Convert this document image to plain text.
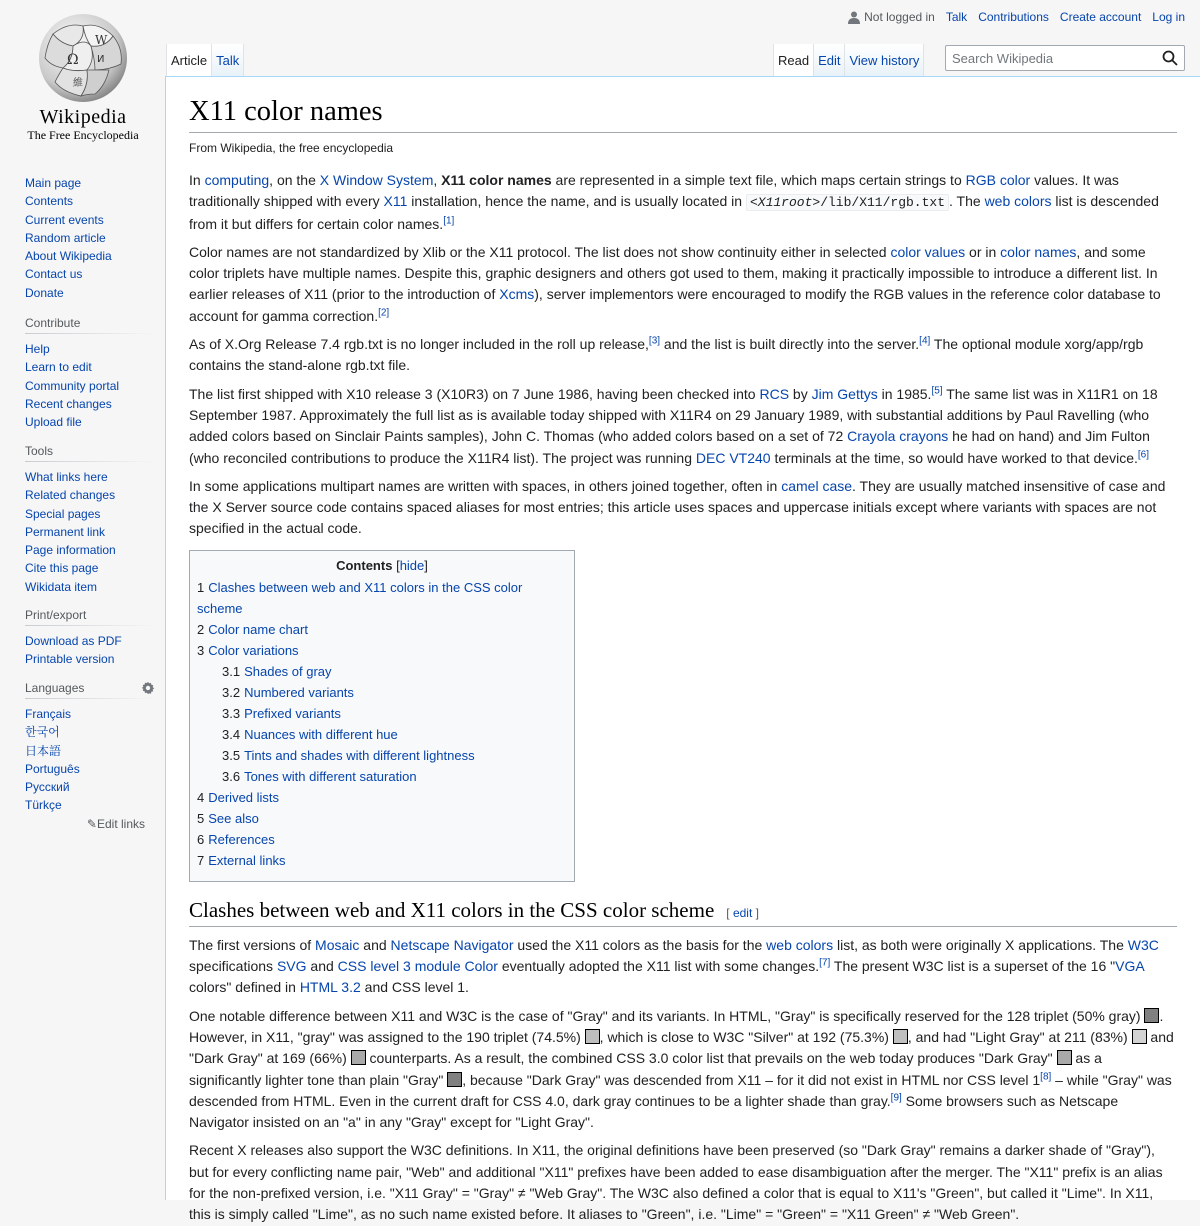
Ω
W
維
И
Wikipedia
The Free Encyclopedia
Main page
Contents
Current events
Random article
About Wikipedia
Contact us
Donate
Contribute
Help
Learn to edit
Community portal
Recent changes
Upload file
Tools
What links here
Related changes
Special pages
Permanent link
Page information
Cite this page
Wikidata item
Print/export
Download as PDF
Printable version
Languages
Français
한국어
日本語
Português
Русский
Türkçe
✎Edit links
Not logged in Talk Contributions Create account Log in
Article Talk	Read Edit View history	Search Wikipedia
X11 color names
From Wikipedia, the free encyclopedia

In computing, on the X Window System, X11 color names are represented in a simple text file, which maps certain strings to RGB color values. It was traditionally shipped with every X11 installation, hence the name, and is usually located in <X11root>/lib/X11/rgb.txt . The web colors list is descended from it but differs for certain color names.[1]

Color names are not standardized by Xlib or the X11 protocol. The list does not show continuity either in selected color values or in color names, and some color triplets have multiple names. Despite this, graphic designers and others got used to them, making it practically impossible to introduce a different list. In earlier releases of X11 (prior to the introduction of Xcms), server implementors were encouraged to modify the RGB values in the reference color database to account for gamma correction.[2]

As of X.Org Release 7.4 rgb.txt is no longer included in the roll up release,[3] and the list is built directly into the server.[4] The optional module xorg/app/rgb contains the stand-alone rgb.txt file.

The list first shipped with X10 release 3 (X10R3) on 7 June 1986, having been checked into RCS by Jim Gettys in 1985.[5] The same list was in X11R1 on 18 September 1987. Approximately the full list as is available today shipped with X11R4 on 29 January 1989, with substantial additions by Paul Ravelling (who added colors based on Sinclair Paints samples), John C. Thomas (who added colors based on a set of 72 Crayola crayons he had on hand) and Jim Fulton (who reconciled contributions to produce the X11R4 list). The project was running DEC VT240 terminals at the time, so would have worked to that device.[6]

In some applications multipart names are written with spaces, in others joined together, often in camel case. They are usually matched insensitive of case and the X Server source code contains spaced aliases for most entries; this article uses spaces and uppercase initials except where variants with spaces are not specified in the actual code.

Contents [hide]
1 Clashes between web and X11 colors in the CSS color scheme
2 Color name chart
3 Color variations
3.1 Shades of gray
3.2 Numbered variants
3.3 Prefixed variants
3.4 Nuances with different hue
3.5 Tints and shades with different lightness
3.6 Tones with different saturation
4 Derived lists
5 See also
6 References
7 External links
Clashes between web and X11 colors in the CSS color scheme [ edit ]

The first versions of Mosaic and Netscape Navigator used the X11 colors as the basis for the web colors list, as both were originally X applications. The W3C specifications SVG and CSS level 3 module Color eventually adopted the X11 list with some changes.[7] The present W3C list is a superset of the 16 "VGA colors" defined in HTML 3.2 and CSS level 1.

One notable difference between X11 and W3C is the case of "Gray" and its variants. In HTML, "Gray" is specifically reserved for the 128 triplet (50% gray) . However, in X11, "gray" was assigned to the 190 triplet (74.5%) , which is close to W3C "Silver" at 192 (75.3%) , and had "Light Gray" at 211 (83%)  and "Dark Gray" at 169 (66%)  counterparts. As a result, the combined CSS 3.0 color list that prevails on the web today produces "Dark Gray"  as a significantly lighter tone than plain "Gray" , because "Dark Gray" was descended from X11 – for it did not exist in HTML nor CSS level 1[8] – while "Gray" was descended from HTML. Even in the current draft for CSS 4.0, dark gray continues to be a lighter shade than gray.[9] Some browsers such as Netscape Navigator insisted on an "a" in any "Gray" except for "Light Gray".

Recent X releases also support the W3C definitions. In X11, the original definitions have been preserved (so "Dark Gray" remains a darker shade of "Gray"), but for every conflicting name pair, "Web" and additional "X11" prefixes have been added to ease disambiguation after the merger. The "X11" prefix is an alias for the non-prefixed version, i.e. "X11 Gray" = "Gray" ≠ "Web Gray". The W3C also defined a color that is equal to X11's "Green", but called it "Lime". In X11, this is simply called "Lime", as no such name existed before. It aliases to "Green", i.e. "Lime" = "Green" = "X11 Green" ≠ "Web Green".
